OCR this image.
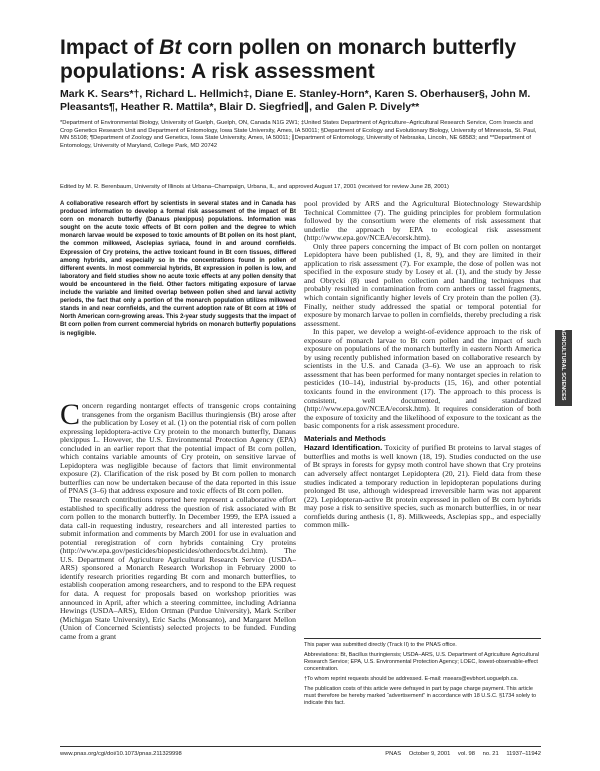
Impact of Bt corn pollen on monarch butterfly
populations: A risk assessment

Mark K. Sears*†, Richard L. Hellmich‡, Diane E. Stanley-Horn*, Karen S. Oberhauser§, John M. Pleasants¶, Heather R. Mattila*, Blair D. Siegfried∥, and Galen P. Dively**

*Department of Environmental Biology, University of Guelph, Guelph, ON, Canada N1G 2W1; ‡United States Department of Agriculture–Agricultural Research Service, Corn Insects and Crop Genetics Research Unit and Department of Entomology, Iowa State University, Ames, IA 50011; §Department of Ecology and Evolutionary Biology, University of Minnesota, St. Paul, MN 55108; ¶Department of Zoology and Genetics, Iowa State University, Ames, IA 50011; ∥Department of Entomology, University of Nebraska, Lincoln, NE 68583; and **Department of Entomology, University of Maryland, College Park, MD 20742

Edited by M. R. Berenbaum, University of Illinois at Urbana–Champaign, Urbana, IL, and approved August 17, 2001 (received for review June 28, 2001)

A collaborative research effort by scientists in several states and in Canada has produced information to develop a formal risk assessment of the impact of Bt corn on monarch butterfly (Danaus plexippus) populations. Information was sought on the acute toxic effects of Bt corn pollen and the degree to which monarch larvae would be exposed to toxic amounts of Bt pollen on its host plant, the common milkweed, Asclepias syriaca, found in and around cornfields. Expression of Cry proteins, the active toxicant found in Bt corn tissues, differed among hybrids, and especially so in the concentrations found in pollen of different events. In most commercial hybrids, Bt expression in pollen is low, and laboratory and field studies show no acute toxic effects at any pollen density that would be encountered in the field. Other factors mitigating exposure of larvae include the variable and limited overlap between pollen shed and larval activity periods, the fact that only a portion of the monarch population utilizes milkweed stands in and near cornfields, and the current adoption rate of Bt corn at 19% of North American corn-growing areas. This 2-year study suggests that the impact of Bt corn pollen from current commercial hybrids on monarch butterfly populations is negligible.

C oncern regarding nontarget effects of transgenic crops containing transgenes from the organism Bacillus thuringiensis (Bt) arose after the publication by Losey et al. (1) on the potential risk of corn pollen expressing lepidoptera-active Cry protein to the monarch butterfly, Danaus plexippus L. However, the U.S. Environmental Protection Agency (EPA) concluded in an earlier report that the potential impact of Bt corn pollen, which contains variable amounts of Cry protein, on sensitive larvae of Lepidoptera was negligible because of factors that limit environmental exposure (2). Clarification of the risk posed by Bt corn pollen to monarch butterflies can now be undertaken because of the data reported in this issue of PNAS (3–6) that address exposure and toxic effects of Bt corn pollen.

The research contributions reported here represent a collaborative effort established to specifically address the question of risk associated with Bt corn pollen to the monarch butterfly. In December 1999, the EPA issued a data call-in requesting industry, researchers and all interested parties to submit information and comments by March 2001 for use in evaluation and potential reregistration of corn hybrids containing Cry proteins (http://www.epa.gov/pesticides/biopesticides/otherdocs/bt.dci.htm). The U.S. Department of Agriculture Agricultural Research Service (USDA–ARS) sponsored a Monarch Research Workshop in February 2000 to identify research priorities regarding Bt corn and monarch butterflies, to establish cooperation among researchers, and to respond to the EPA request for data. A request for proposals based on workshop priorities was announced in April, after which a steering committee, including Adrianna Hewings (USDA–ARS), Eldon Ortman (Purdue University), Mark Scriber (Michigan State University), Eric Sachs (Monsanto), and Margaret Mellon (Union of Concerned Scientists) selected projects to be funded. Funding came from a grant

pool provided by ARS and the Agricultural Biotechnology Stewardship Technical Committee (7). The guiding principles for problem formulation followed by the consortium were the elements of risk assessment that underlie the approach by EPA to ecological risk assessment (http://www.epa.gov/NCEA/ecorsk.htm).

Only three papers concerning the impact of Bt corn pollen on nontarget Lepidoptera have been published (1, 8, 9), and they are limited in their application to risk assessment (7). For example, the dose of pollen was not specified in the exposure study by Losey et al. (1), and the study by Jesse and Obrycki (8) used pollen collection and handling techniques that probably resulted in contamination from corn anthers or tassel fragments, which contain significantly higher levels of Cry protein than the pollen (3). Finally, neither study addressed the spatial or temporal potential for exposure by monarch larvae to pollen in cornfields, thereby precluding a risk assessment.

In this paper, we develop a weight-of-evidence approach to the risk of exposure of monarch larvae to Bt corn pollen and the impact of such exposure on populations of the monarch butterfly in eastern North America by using recently published information based on collaborative research by scientists in the U.S. and Canada (3–6). We use an approach to risk assessment that has been performed for many nontarget species in relation to pesticides (10–14), industrial by-products (15, 16), and other potential toxicants found in the environment (17). The approach to this process is consistent, well documented, and standardized (http://www.epa.gov/NCEA/ecorsk.htm). It requires consideration of both the exposure of toxicity and the likelihood of exposure to the toxicant as the basic components for a risk assessment procedure.

Materials and Methods

Hazard Identification. Toxicity of purified Bt proteins to larval stages of butterflies and moths is well known (18, 19). Studies conducted on the use of Bt sprays in forests for gypsy moth control have shown that Cry proteins can adversely affect nontarget Lepidoptera (20, 21). Field data from these studies indicated a temporary reduction in lepidopteran populations during prolonged Bt use, although widespread irreversible harm was not apparent (22). Lepidopteran-active Bt protein expressed in pollen of Bt corn hybrids may pose a risk to sensitive species, such as monarch butterflies, in or near cornfields during anthesis (1, 8). Milkweeds, Asclepias spp., and especially common milk-

This paper was submitted directly (Track II) to the PNAS office.

Abbreviations: Bt, Bacillus thuringiensis; USDA–ARS, U.S. Department of Agriculture Agricultural Research Service; EPA, U.S. Environmental Protection Agency; LOEC, lowest-observable-effect concentration.

†To whom reprint requests should be addressed. E-mail: msears@evbhort.uoguelph.ca.

The publication costs of this article were defrayed in part by page charge payment. This article must therefore be hereby marked “advertisement” in accordance with 18 U.S.C. §1734 solely to indicate this fact.

AGRICULTURAL SCIENCES
www.pnas.org/cgi/doi/10.1073/pnas.211329998	PNAS October 9, 2001 vol. 98 no. 21 11937–11942
